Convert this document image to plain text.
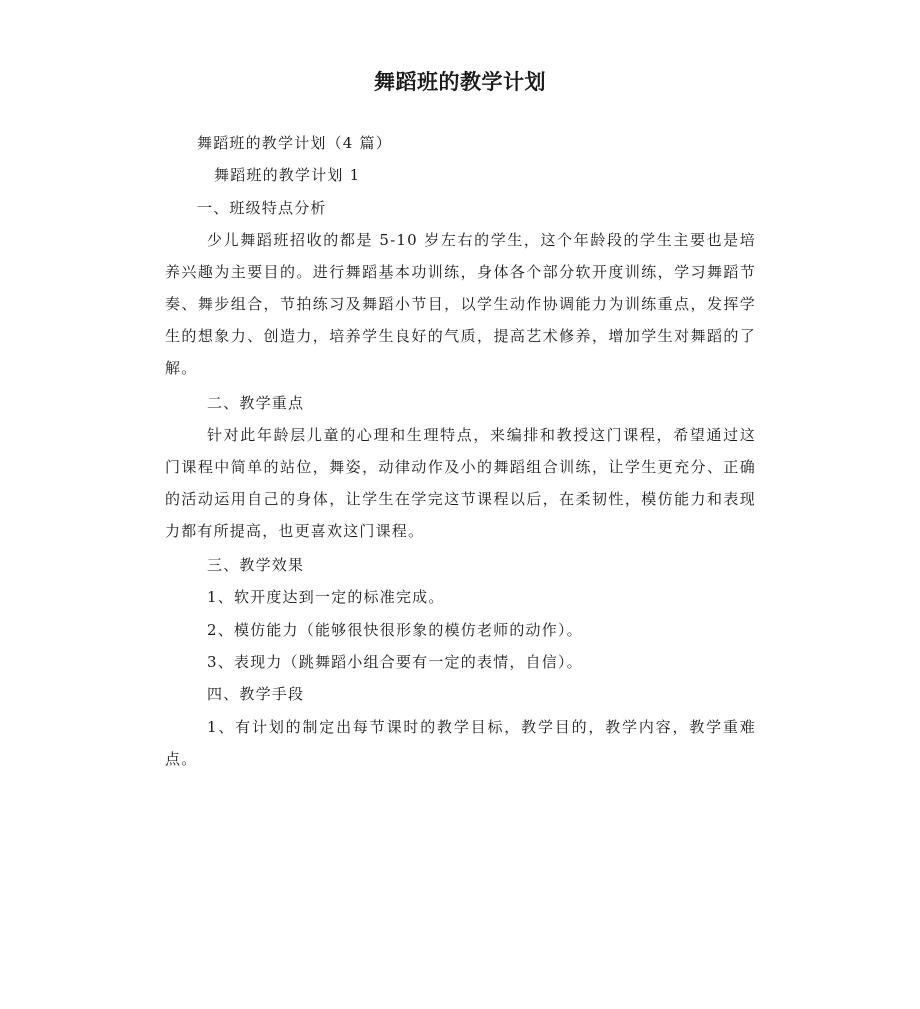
舞蹈班的教学计划
舞蹈班的教学计划（4 篇）
舞蹈班的教学计划 1
一、班级特点分析

少儿舞蹈班招收的都是 5-10 岁左右的学生，这个年龄段的学生主要也是培养兴趣为主要目的。进行舞蹈基本功训练，身体各个部分软开度训练，学习舞蹈节奏、舞步组合，节拍练习及舞蹈小节目，以学生动作协调能力为训练重点，发挥学生的想象力、创造力，培养学生良好的气质，提高艺术修养，增加学生对舞蹈的了解。

二、教学重点

针对此年龄层儿童的心理和生理特点，来编排和教授这门课程，希望通过这门课程中简单的站位，舞姿，动律动作及小的舞蹈组合训练，让学生更充分、正确的活动运用自己的身体，让学生在学完这节课程以后，在柔韧性，模仿能力和表现力都有所提高，也更喜欢这门课程。

三、教学效果
1、软开度达到一定的标准完成。
2、模仿能力（能够很快很形象的模仿老师的动作）。
3、表现力（跳舞蹈小组合要有一定的表情，自信）。
四、教学手段

1、有计划的制定出每节课时的教学目标，教学目的，教学内容，教学重难点。
